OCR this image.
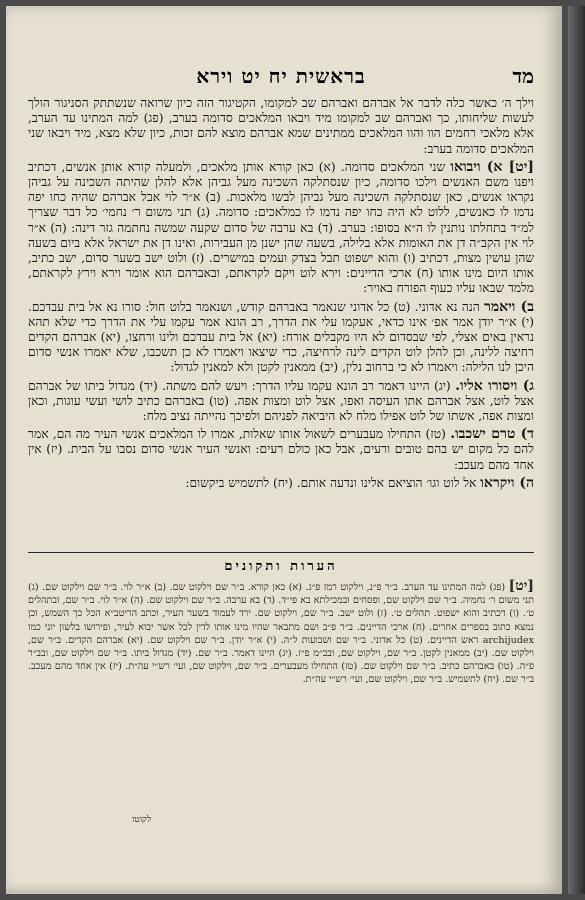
מד
בראשית יח יט וירא

וילך ה׳ כאשר כלה לדבר אל אברהם ואברהם שב למקומו, הקטיגור הזה כיון שרואה שנשתתק הסניגור הולך לעשות שליחותו, כך ואברהם שב למקומו מיד ויבאו המלאכים סדומה בערב, (פג) למה המתינו עד הערב, אלא מלאכי רחמים הוו והוו המלאכים ממתינים שמא אברהם מוצא להם זכות, כיון שלא מצא, מיד ויבאו שני המלאכים סדומה בערב:

[יט] א) ויבואו שני המלאכים סדומה. (א) כאן קורא אותן מלאכים, ולמעלה קורא אותן אנשים, דכתיב ויפנו משם האנשים וילכו סדומה, כיון שנסתלקה השכינה מעל גביהן אלא להלן שהיתה השכינה על גביהן נקראו אנשים, כאן שנסתלקה השכינה מעל גביהן לבשו מלאכות. (ב) א״ר לוי אבל אברהם שהיה כחו יפה נדמו לו כאנשים, ללוט לא היה כחו יפה נדמו לו כמלאכים: סדומה. (ג) תני משום ר׳ נחמי׳ כל דבר שצריך למ״ד בתחלתו נותנין לו ה״א בסופו: בערב. (ד) בא ערבה של סדום שקעה שמשה נחתמה גזר דינה: (ה) א״ר לוי אין הקב״ה דן את האומות אלא בלילה, בשעה שהן ישנן מן העבירות, ואינו דן את ישראל אלא ביום בשעה שהן עושין מצות, דכתיב (ו) והוא ישפוט תבל בצדק ועמים במישרים. (ז) ולוט ישב בשער סדום, ישב כתיב, אותו היום מינו אותו (ח) ארכי הדיינים: וירא לוט ויקם לקראתם, ובאברהם הוא אומר וירא וירץ לקראתם, מלמד שבאו עליו כעוף הפורח באויר:

ב) ויאמר הנה נא אדוני. (ט) כל אדוני שנאמר באברהם קודש, ושנאמר בלוט חול: סורו נא אל בית עבדכם. (י) א״ר יודן אמר אפ׳ אינו כדאי, אעקמו עלי את הדרך, רב הונא אמר עקמו עלי את הדרך כדי שלא תהא נראין באים אצלי, לפי שבסדום לא היו מקבלים אורח: (יא) אל בית עבדכם ולינו ורחצו, (יא) אברהם הקדים רחיצה ללינה, וכן להלן לוט הקדים לינה לרחיצה, כדי שיצאו ויאמרו לא כן תשכבו, שלא יאמרו אנשי סדום היכן לנו הלילה: ויאמרו לא כי ברחוב נלין, (יב) ממאנין לקטן ולא למאנין לגדול:

ג) ויסורו אליו. (יג) היינו דאמר רב הונא עקמו עליו הדרך: ויעש להם משתה. (יד) מגדול ביתו של אברהם אצל לוט, אצל אברהם אתו העיסה ואפו, אצל לוט ומצות אפה. (טו) באברהם כתיב לושי ועשי עוגות, וכאן ומצות אפה, אשתו של לוט אפילו מלח לא היביאה לפניהם ולפיכך נהייתה נציב מלח:

ד) טרם ישכבו. (טז) התחילו מעבערים לשאול אותו שאלות, אמרו לו המלאכים אנשי העיר מה הם, אמר להם כל מקום יש בהם טובים ורעים, אבל כאן כולם רעים: ואנשי העיר אנשי סדום נסבו על הבית. (יז) אין אחד מהם מעכב:

ה) ויקראו אל לוט וגו׳ הוציאם אלינו ונדעה אותם. (יח) לתשמיש ביקשום:

הערות ותקונים
[יט] (פג) למה המתינו עד הערב. ב״ר פ״נ, וילקוט רמז פ״ג. (א) כאן קורא. ב״ר שם וילקוט שם. (ב) א״ר לוי. ב״ר שם וילקוט שם. (ג) תני משום ר׳ נחמיה. ב״ר שם וילקוט שם, ופסחים ובמכילתא בא פי״ד. (ד) בא ערבה. ב״ר שם וילקוט שם. (ה) א״ר לוי. ב״ר שם, ובתהלים ט׳. (ו) דכתיב והוא ישפוט. תהלים ט׳. (ז) ולוט ישב. ב״ר שם, וילקוט שם. ירד לעמוד בשער העיר, וכתב הריטב״א הכל כך השמש, וכן נמצא כתוב בספרים אחרים. (ח) ארכי הדיינים. ב״ר פ״ב ושם מתבאר שהיו מינו אותו לדין לכל אשר יבוא לעיר, ופירושו בלשון יוני כמו archijudex ראש הדיינים. (ט) כל אדוני. ב״ר שם ושבועות ל״ה. (י) א״ר יודן. ב״ר שם וילקוט שם. (יא) אברהם הקדים. ב״ר שם, וילקוט שם. (יב) ממאנין לקטן. ב״ר שם, וילקוט שם, ובב״מ פ״ז. (יג) היינו דאמר. ב״ר שם. (יד) מגדול ביתו. ב״ר שם וילקוט שם, ובב״ר פ״ה. (טו) באברהם כתיב. ב״ר שם וילקוט שם. (טז) התחילו מעבערים. ב״ר שם, וילקוט שם, ועי׳ רש״י עה״ת. (יז) אין אחד מהם מעכב. ב״ר שם. (יח) לתשמיש. ב״ר שם, וילקוט שם, ועי׳ רש״י עה״ת.
לקוטו
